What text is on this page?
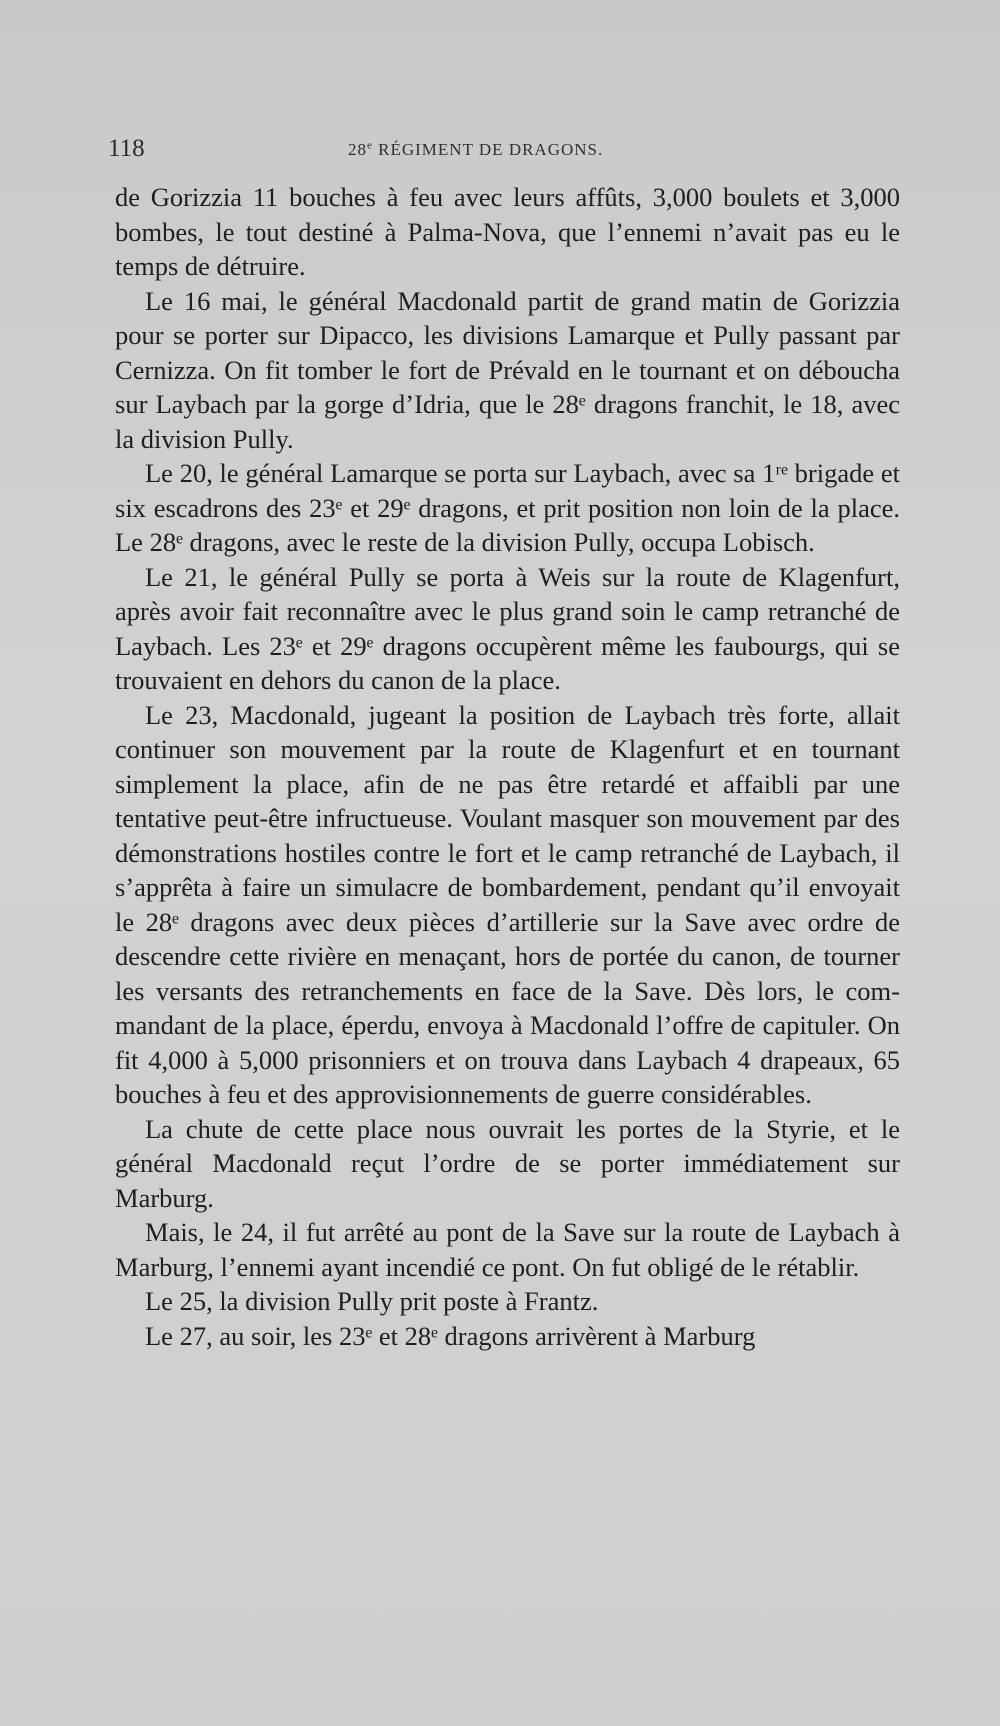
118	28e RÉGIMENT DE DRAGONS.

de Gorizzia 11 bouches à feu avec leurs affûts, 3,000 boulets et 3,000 bombes, le tout destiné à Palma-Nova, que l’ennemi n’avait pas eu le temps de détruire.

Le 16 mai, le général Macdonald partit de grand matin de Gorizzia pour se porter sur Dipacco, les divisions Lamarque et Pully passant par Cernizza. On fit tomber le fort de Prévald en le tournant et on déboucha sur Laybach par la gorge d’Idria, que le 28ᵉ dragons franchit, le 18, avec la division Pully.

Le 20, le général Lamarque se porta sur Laybach, avec sa 1ʳᵉ brigade et six escadrons des 23ᵉ et 29ᵉ dragons, et prit position non loin de la place. Le 28ᵉ dragons, avec le reste de la division Pully, occupa Lobisch.

Le 21, le général Pully se porta à Weis sur la route de Klagenfurt, après avoir fait reconnaître avec le plus grand soin le camp retranché de Laybach. Les 23ᵉ et 29ᵉ dragons occupèrent même les faubourgs, qui se trouvaient en dehors du canon de la place.

Le 23, Macdonald, jugeant la position de Laybach très forte, allait continuer son mouvement par la route de Klagenfurt et en tournant simplement la place, afin de ne pas être retardé et affaibli par une tentative peut-être infructueuse. Voulant masquer son mouvement par des démonstrations hostiles contre le fort et le camp retranché de Laybach, il s’apprêta à faire un simulacre de bombardement, pendant qu’il envoyait le 28ᵉ dragons avec deux pièces d’artillerie sur la Save avec ordre de descendre cette rivière en menaçant, hors de portée du canon, de tourner les versants des retranchements en face de la Save. Dès lors, le commandant de la place, éperdu, envoya à Macdonald l’offre de capituler. On fit 4,000 à 5,000 prisonniers et on trouva dans Laybach 4 drapeaux, 65 bouches à feu et des approvisionnements de guerre considérables.

La chute de cette place nous ouvrait les portes de la Styrie, et le général Macdonald reçut l’ordre de se porter immédiatement sur Marburg.

Mais, le 24, il fut arrêté au pont de la Save sur la route de Laybach à Marburg, l’ennemi ayant incendié ce pont. On fut obligé de le rétablir.

Le 25, la division Pully prit poste à Frantz.

Le 27, au soir, les 23ᵉ et 28ᵉ dragons arrivèrent à Marburg
